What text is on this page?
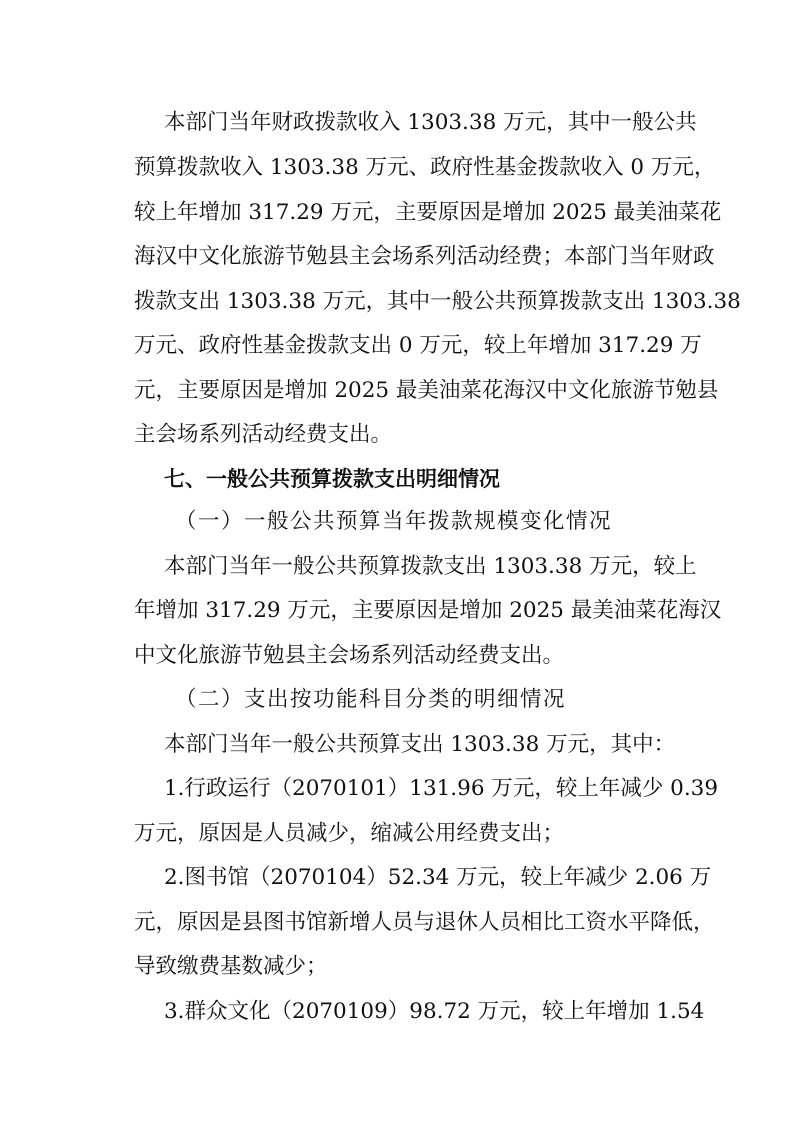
本部门当年财政拨款收入 1303.38 万元，其中一般公共
预算拨款收入 1303.38 万元、政府性基金拨款收入 0 万元，
较上年增加 317.29 万元，主要原因是增加 2025 最美油菜花
海汉中文化旅游节勉县主会场系列活动经费；本部门当年财政
拨款支出 1303.38 万元，其中一般公共预算拨款支出 1303.38
万元、政府性基金拨款支出 0 万元，较上年增加 317.29 万
元，主要原因是增加 2025 最美油菜花海汉中文化旅游节勉县
主会场系列活动经费支出。
七、一般公共预算拨款支出明细情况
（一）一般公共预算当年拨款规模变化情况
本部门当年一般公共预算拨款支出 1303.38 万元，较上
年增加 317.29 万元，主要原因是增加 2025 最美油菜花海汉
中文化旅游节勉县主会场系列活动经费支出。
（二）支出按功能科目分类的明细情况
本部门当年一般公共预算支出 1303.38 万元，其中：
1.行政运行（2070101）131.96 万元，较上年减少 0.39
万元，原因是人员减少，缩减公用经费支出；
2.图书馆（2070104）52.34 万元，较上年减少 2.06 万
元，原因是县图书馆新增人员与退休人员相比工资水平降低，
导致缴费基数减少；
3.群众文化（2070109）98.72 万元，较上年增加 1.54
